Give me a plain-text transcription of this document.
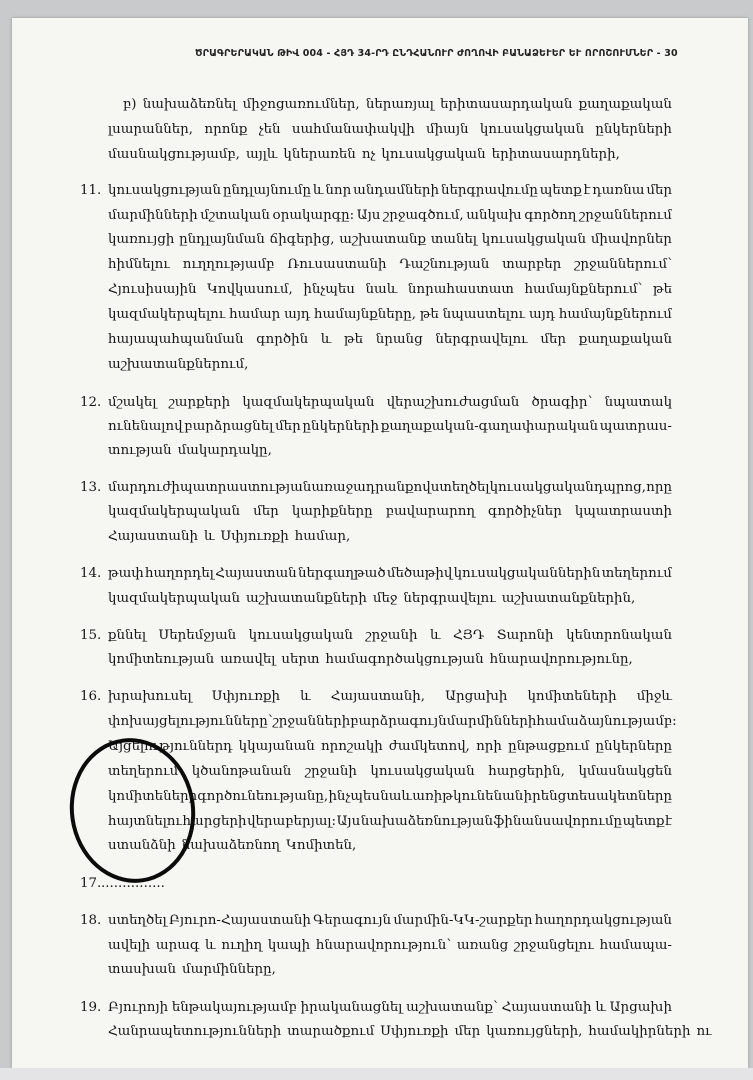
ԾՐԱԳՐԵՐԱԿԱՆ ԹԻՎ 004 - ՀՅԴ 34-ՐԴ ԸՆԴՀԱՆՈՒՐ ԺՈՂՈՎԻ ԲԱՆԱՁԵՒԵՐ ԵՒ ՈՐՈՇՈՒՄՆԵՐ - 30
բ) նախաձեռնել միջոցառումներ, ներառյալ երիտասարդական քաղաքական
լսարաններ, որոնք չեն սահմանափակվի միայն կուսակցական ընկերների
մասնակցությամբ, այլև կներառեն ոչ կուսակցական երիտասարդների,
11. կուսակցության ընդլայնումը և նոր անդամների ներգրավումը պետք է դառնա մեր
մարմինների մշտական օրակարգը: Այս շրջագծում, անկախ գործող շրջաններում
կառույցի ընդլայնման ճիգերից, աշխատանք տանել կուսակցական միավորներ
հիմնելու ուղղությամբ Ռուսաստանի Դաշնության տարբեր շրջաններում՝
Հյուսիսային Կովկասում, ինչպես նաև նորահաստատ համայնքներում՝ թե
կազմակերպելու համար այդ համայնքները, թե նպաստելու այդ համայնքներում
հայապահպանման գործին և թե նրանց ներգրավելու մեր քաղաքական
աշխատանքներում,
12. մշակել շարքերի կազմակերպական վերաշխուժացման ծրագիր՝ նպատակ
ունենալով բարձրացնել մեր ընկերների քաղաքական-գաղափարական պատրաս-
տության մակարդակը,
13. մարդուժի պատրաստության առաջադրանքով ստեղծել կուսակցական դպրոց, որը
կազմակերպական մեր կարիքները բավարարող գործիչներ կպատրաստի
Հայաստանի և Սփյուռքի համար,
14. թափ հաղորդել Հայաստան ներգաղթած մեծաթիվ կուսակցականներին տեղերում
կազմակերպական աշխատանքների մեջ ներգրավելու աշխատանքներին,
15. քննել Սերեմջյան կուսակցական շրջանի և ՀՅԴ Տարոնի կենտրոնական
կոմիտեության առավել սերտ համագործակցության հնարավորությունը,
16. խրախուսել Սփյուռքի և Հայաստանի, Արցախի կոմիտեների միջև
փոխայցելությունները՝ շրջանների բարձրագույն մարմինների համաձայնությամբ:
Այցելություններդ կկայանան որոշակի ժամկետով, որի ընթացքում ընկերները
տեղերում կծանոթանան շրջանի կուսակցական հարցերին, կմասնակցեն
կոմիտեների գործունեությանը, ինչպես նաև առիթ կունենան իրենց տեսակետները
հայտնելու հարցերի վերաբերյալ: Այս նախաձեռնության ֆինանսավորումը պետք է
ստանձնի նախաձեռնող Կոմիտեն,
17. ...............
18. ստեղծել Բյուրո-Հայաստանի Գերագույն մարմին-ԿԿ-շարքեր հաղորդակցության
ավելի արագ և ուղիղ կապի հնարավորություն՝ առանց շրջանցելու համապա-
տասխան մարմինները,
19. Բյուրոյի ենթակայությամբ իրականացնել աշխատանք՝ Հայաստանի և Արցախի
Հանրապետությունների տարածքում Սփյուռքի մեր կառույցների, համակիրների ու
